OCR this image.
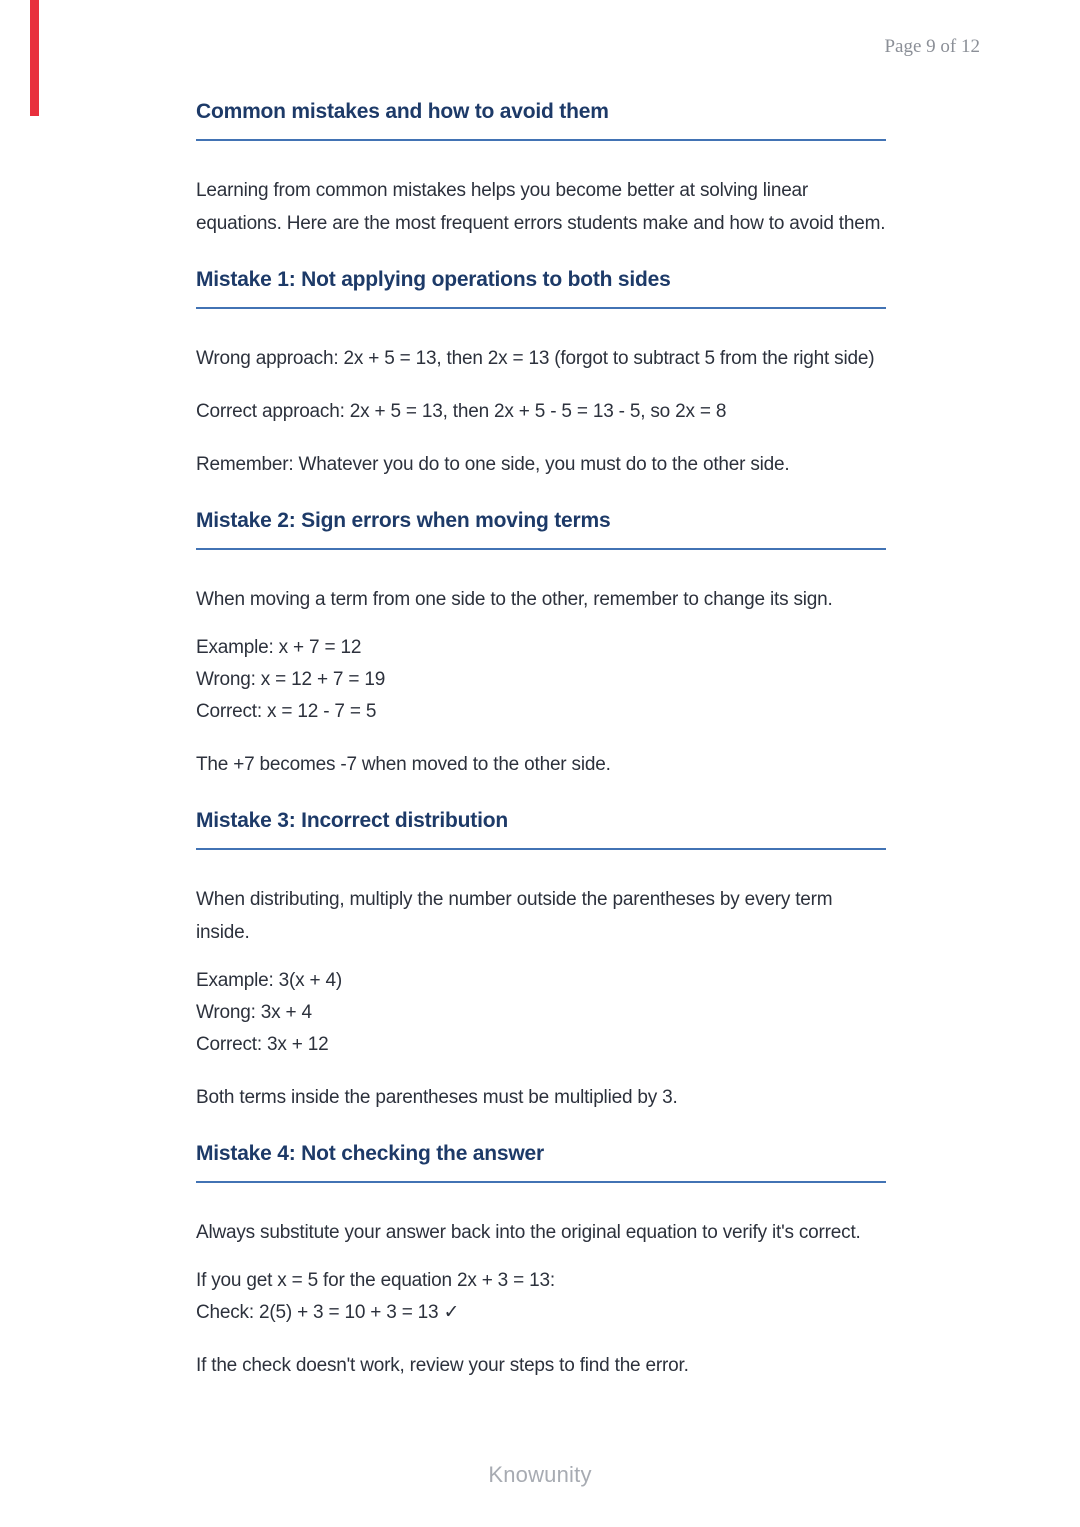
Page 9 of 12
Common mistakes and how to avoid them

Learning from common mistakes helps you become better at solving linear equations. Here are the most frequent errors students make and how to avoid them.

Mistake 1: Not applying operations to both sides

Wrong approach: 2x + 5 = 13, then 2x = 13 (forgot to subtract 5 from the right side)

Correct approach: 2x + 5 = 13, then 2x + 5 - 5 = 13 - 5, so 2x = 8

Remember: Whatever you do to one side, you must do to the other side.

Mistake 2: Sign errors when moving terms

When moving a term from one side to the other, remember to change its sign.

Example: x + 7 = 12
Wrong: x = 12 + 7 = 19
Correct: x = 12 - 7 = 5

The +7 becomes -7 when moved to the other side.

Mistake 3: Incorrect distribution

When distributing, multiply the number outside the parentheses by every term inside.

Example: 3(x + 4)
Wrong: 3x + 4
Correct: 3x + 12

Both terms inside the parentheses must be multiplied by 3.

Mistake 4: Not checking the answer

Always substitute your answer back into the original equation to verify it's correct.

If you get x = 5 for the equation 2x + 3 = 13:
Check: 2(5) + 3 = 10 + 3 = 13 ✓

If the check doesn't work, review your steps to find the error.

Knowunity
